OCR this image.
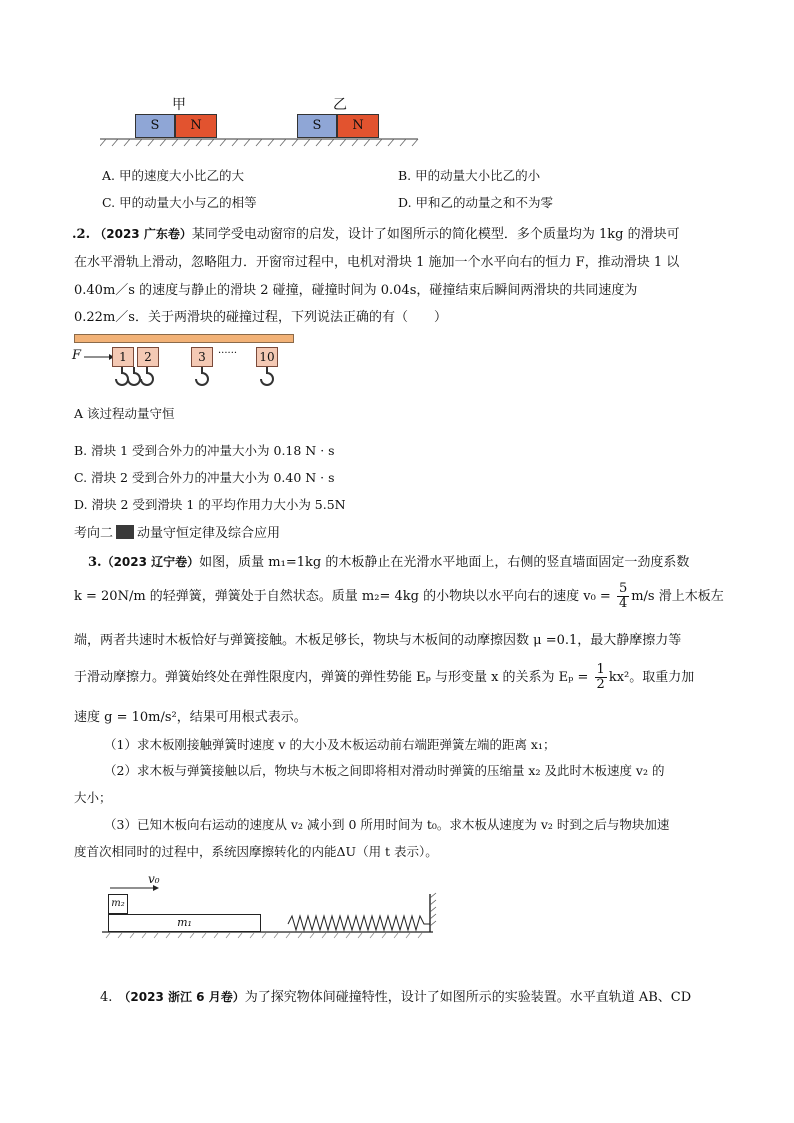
甲	乙
S	N	S	N
A. 甲的速度大小比乙的大	B. 甲的动量大小比乙的小
C. 甲的动量大小与乙的相等	D. 甲和乙的动量之和不为零
.2. （2023 广东卷）某同学受电动窗帘的启发，设计了如图所示的简化模型．多个质量均为 1kg 的滑块可
在水平滑轨上滑动，忽略阻力．开窗帘过程中，电机对滑块 1 施加一个水平向右的恒力 F，推动滑块 1 以
0.40m／s 的速度与静止的滑块 2 碰撞，碰撞时间为 0.04s，碰撞结束后瞬间两滑块的共同速度为
0.22m／s．关于两滑块的碰撞过程，下列说法正确的有（　　）
F	1	2	3	······ 10
A 该过程动量守恒
B. 滑块 1 受到合外力的冲量大小为 0.18 N · s
C. 滑块 2 受到合外力的冲量大小为 0.40 N · s
D. 滑块 2 受到滑块 1 的平均作用力大小为 5.5N
考向二 动量守恒定律及综合应用
3.（2023 辽宁卷）如图，质量 m₁=1kg 的木板静止在光滑水平地面上，右侧的竖直墙面固定一劲度系数
k = 20N/m 的轻弹簧，弹簧处于自然状态。质量 m₂= 4kg 的小物块以水平向右的速度 $v_0 = \frac{5}{4} m/s$ 滑上木板左
端，两者共速时木板恰好与弹簧接触。木板足够长，物块与木板间的动摩擦因数 μ =0.1，最大静摩擦力等
于滑动摩擦力。弹簧始终处在弹性限度内，弹簧的弹性势能 Eₚ 与形变量 x 的关系为 $E_p = \frac{1}{2} kx^2$。取重力加
速度 g = 10m/s²，结果可用根式表示。
（1）求木板刚接触弹簧时速度 v 的大小及木板运动前右端距弹簧左端的距离 x₁；
（2）求木板与弹簧接触以后，物块与木板之间即将相对滑动时弹簧的压缩量 x₂ 及此时木板速度 v₂ 的
大小；
（3）已知木板向右运动的速度从 v₂ 减小到 0 所用时间为 t₀。求木板从速度为 v₂ 时到之后与物块加速
度首次相同时的过程中，系统因摩擦转化的内能ΔU（用 t 表示）。
v₀
m₂
m₁
4. （2023 浙江 6 月卷）为了探究物体间碰撞特性，设计了如图所示的实验装置。水平直轨道 AB、CD
